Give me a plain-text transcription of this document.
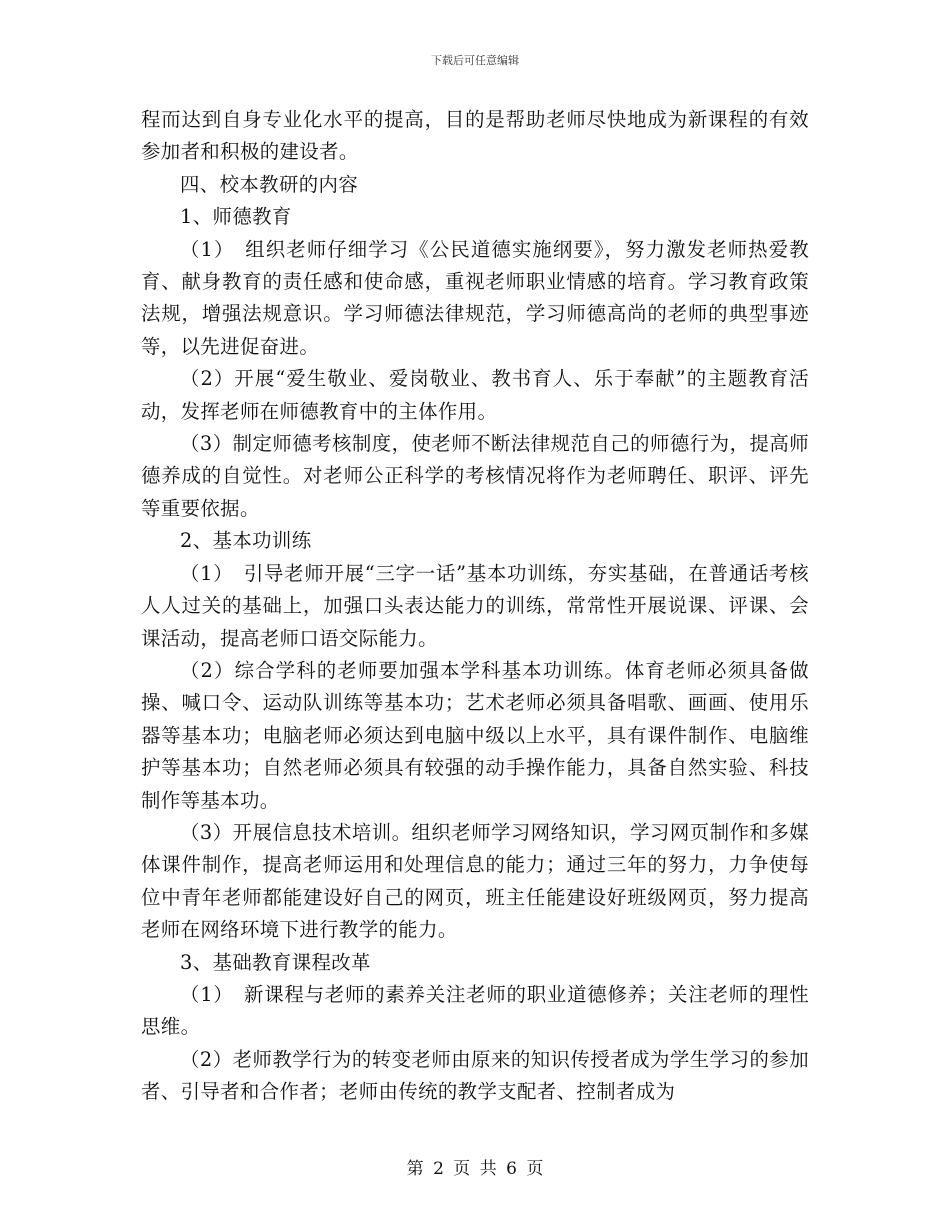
下载后可任意编辑

程而达到自身专业化水平的提高，目的是帮助老师尽快地成为新课程的有效参加者和积极的建设者。

四、校本教研的内容

1、师德教育

（1）　组织老师仔细学习《公民道德实施纲要》，努力激发老师热爱教育、献身教育的责任感和使命感，重视老师职业情感的培育。学习教育政策法规，增强法规意识。学习师德法律规范，学习师德高尚的老师的典型事迹等，以先进促奋进。

（2）开展“爱生敬业、爱岗敬业、教书育人、乐于奉献”的主题教育活动，发挥老师在师德教育中的主体作用。

（3）制定师德考核制度，使老师不断法律规范自己的师德行为，提高师德养成的自觉性。对老师公正科学的考核情况将作为老师聘任、职评、评先等重要依据。

2、基本功训练

（1）　引导老师开展“三字一话”基本功训练，夯实基础，在普通话考核人人过关的基础上，加强口头表达能力的训练，常常性开展说课、评课、会课活动，提高老师口语交际能力。

（2）综合学科的老师要加强本学科基本功训练。体育老师必须具备做操、喊口令、运动队训练等基本功；艺术老师必须具备唱歌、画画、使用乐器等基本功；电脑老师必须达到电脑中级以上水平，具有课件制作、电脑维护等基本功；自然老师必须具有较强的动手操作能力，具备自然实验、科技制作等基本功。

（3）开展信息技术培训。组织老师学习网络知识，学习网页制作和多媒体课件制作，提高老师运用和处理信息的能力；通过三年的努力，力争使每位中青年老师都能建设好自己的网页，班主任能建设好班级网页，努力提高老师在网络环境下进行教学的能力。

3、基础教育课程改革

（1）　新课程与老师的素养关注老师的职业道德修养；关注老师的理性思维。

（2）老师教学行为的转变老师由原来的知识传授者成为学生学习的参加者、引导者和合作者；老师由传统的教学支配者、控制者成为

第 2 页 共 6 页
